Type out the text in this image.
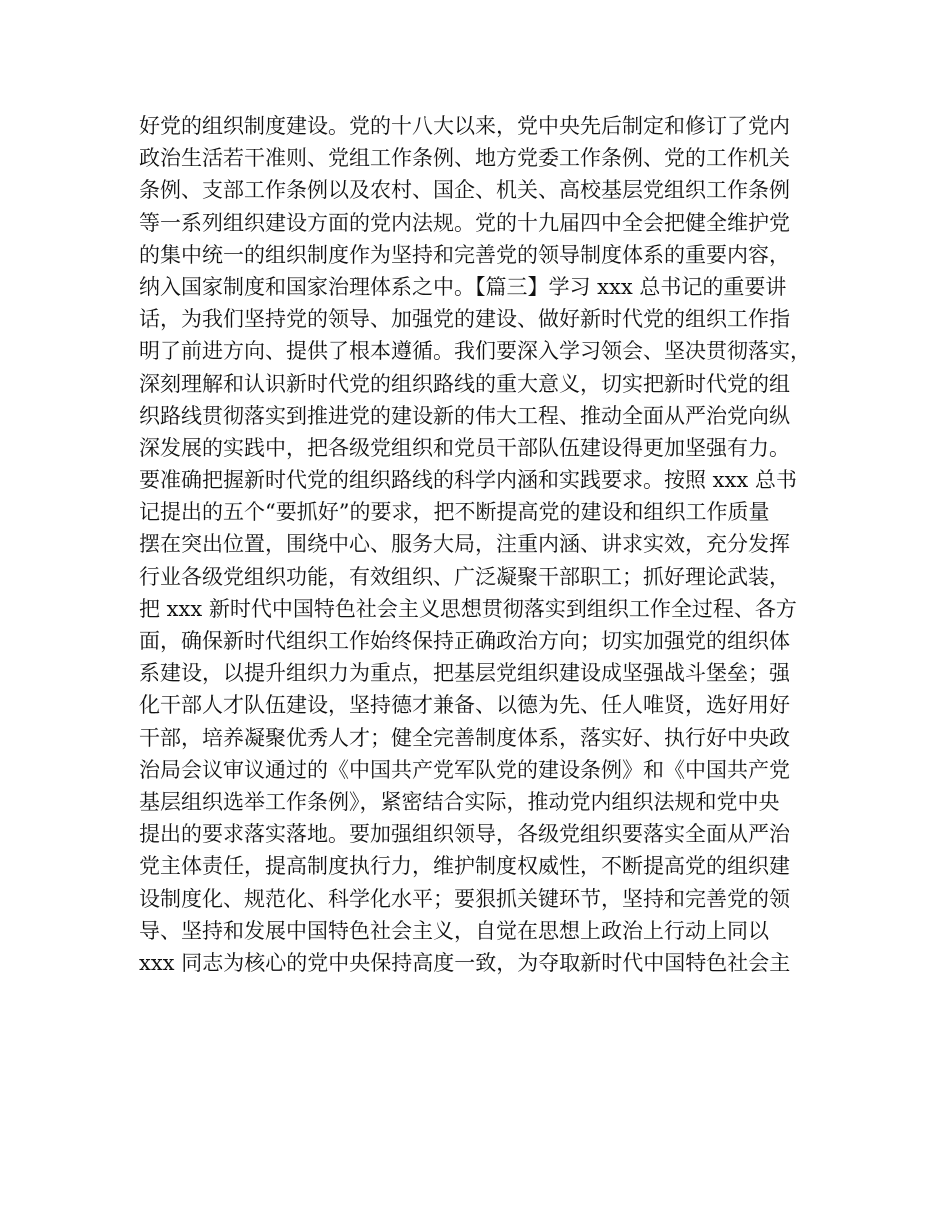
好党的组织制度建设。党的十八大以来，党中央先后制定和修订了党内
政治生活若干准则、党组工作条例、地方党委工作条例、党的工作机关
条例、支部工作条例以及农村、国企、机关、高校基层党组织工作条例
等一系列组织建设方面的党内法规。党的十九届四中全会把健全维护党
的集中统一的组织制度作为坚持和完善党的领导制度体系的重要内容，
纳入国家制度和国家治理体系之中。【篇三】学习 xxx 总书记的重要讲
话，为我们坚持党的领导、加强党的建设、做好新时代党的组织工作指
明了前进方向、提供了根本遵循。我们要深入学习领会、坚决贯彻落实，
深刻理解和认识新时代党的组织路线的重大意义，切实把新时代党的组
织路线贯彻落实到推进党的建设新的伟大工程、推动全面从严治党向纵
深发展的实践中，把各级党组织和党员干部队伍建设得更加坚强有力。
要准确把握新时代党的组织路线的科学内涵和实践要求。按照 xxx 总书
记提出的五个“要抓好”的要求，把不断提高党的建设和组织工作质量
摆在突出位置，围绕中心、服务大局，注重内涵、讲求实效，充分发挥
行业各级党组织功能，有效组织、广泛凝聚干部职工；抓好理论武装，
把 xxx 新时代中国特色社会主义思想贯彻落实到组织工作全过程、各方
面，确保新时代组织工作始终保持正确政治方向；切实加强党的组织体
系建设，以提升组织力为重点，把基层党组织建设成坚强战斗堡垒；强
化干部人才队伍建设，坚持德才兼备、以德为先、任人唯贤，选好用好
干部，培养凝聚优秀人才；健全完善制度体系，落实好、执行好中央政
治局会议审议通过的《中国共产党军队党的建设条例》和《中国共产党
基层组织选举工作条例》，紧密结合实际，推动党内组织法规和党中央
提出的要求落实落地。要加强组织领导，各级党组织要落实全面从严治
党主体责任，提高制度执行力，维护制度权威性，不断提高党的组织建
设制度化、规范化、科学化水平；要狠抓关键环节，坚持和完善党的领
导、坚持和发展中国特色社会主义，自觉在思想上政治上行动上同以
xxx 同志为核心的党中央保持高度一致，为夺取新时代中国特色社会主
